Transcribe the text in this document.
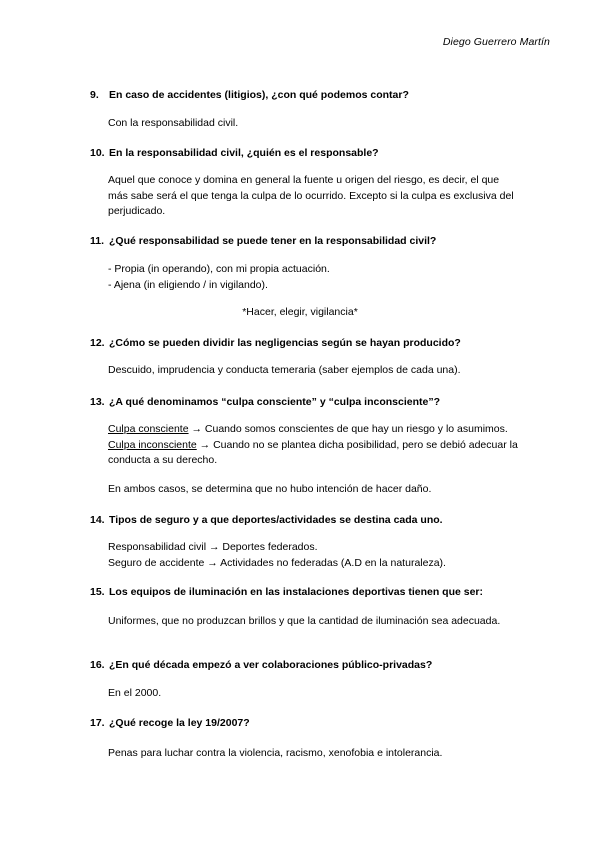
Diego Guerrero Martín
9. En caso de accidentes (litigios), ¿con qué podemos contar?
Con la responsabilidad civil.
10. En la responsabilidad civil, ¿quién es el responsable?
Aquel que conoce y domina en general la fuente u origen del riesgo, es decir, el que más sabe será el que tenga la culpa de lo ocurrido. Excepto si la culpa es exclusiva del perjudicado.
11. ¿Qué responsabilidad se puede tener en la responsabilidad civil?
- Propia (in operando), con mi propia actuación.
- Ajena (in eligiendo / in vigilando).
*Hacer, elegir, vigilancia*
12. ¿Cómo se pueden dividir las negligencias según se hayan producido?
Descuido, imprudencia y conducta temeraria (saber ejemplos de cada una).
13. ¿A qué denominamos “culpa consciente” y “culpa inconsciente”?
Culpa consciente → Cuando somos conscientes de que hay un riesgo y lo asumimos.
Culpa inconsciente → Cuando no se plantea dicha posibilidad, pero se debió adecuar la conducta a su derecho.
En ambos casos, se determina que no hubo intención de hacer daño.
14. Tipos de seguro y a que deportes/actividades se destina cada uno.
Responsabilidad civil → Deportes federados.
Seguro de accidente → Actividades no federadas (A.D en la naturaleza).
15. Los equipos de iluminación en las instalaciones deportivas tienen que ser:
Uniformes, que no produzcan brillos y que la cantidad de iluminación sea adecuada.
16. ¿En qué década empezó a ver colaboraciones público-privadas?
En el 2000.
17. ¿Qué recoge la ley 19/2007?
Penas para luchar contra la violencia, racismo, xenofobia e intolerancia.
